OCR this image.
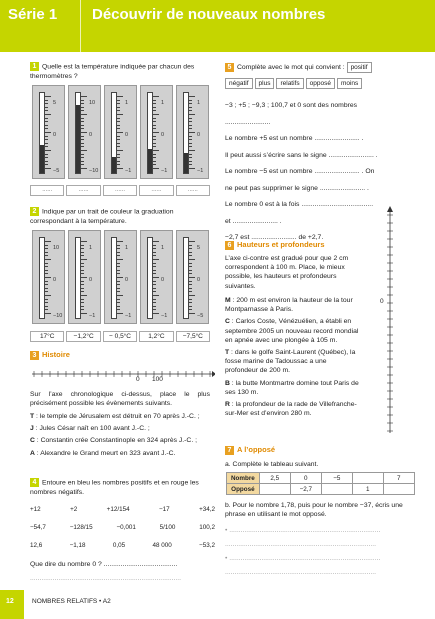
Série 1 Découvrir de nouveaux nombres
1 Quelle est la température indiquée par chacun des thermomètres ?
5
0
−5
10
0
−10
1
0
−1
1
0
−1
1
0
−1
......	......	......	......	......
2 Indique par un trait de couleur la graduation correspondant à la température.
10
0
−10
1
0
−1
1
0
−1
1
0
−1
5
0
−5
17°C	−1,2°C	− 0,5°C	1,2°C	−7,5°C
3 Histoire
0 100
Sur l’axe chronologique ci-dessus, place le plus précisément possible les évènements suivants.
T : le temple de Jérusalem est détruit en 70 après J.-C. ;
J : Jules César naît en 100 avant J.-C. ;
C : Constantin crée Constantinople en 324 après J.-C. ;
A : Alexandre le Grand meurt en 323 avant J.-C.
4 Entoure en bleu les nombres positifs et en rouge les nombres négatifs.
+12	+2	+12/154	−17	+34,2
−54,7	−128/15	−0,001	5/100	100,2
12,6	−1,18	0,05	48 000	−53,2
Que dire du nombre 0 ? .......................................
................................................................................
5 Complète avec le mot qui convient : positif
négatif plus relatifs opposé moins
−3 ; +5 ; −9,3 ; 100,7 et 0 sont des nombres
........................
Le nombre +5 est un nombre ........................ .
Il peut aussi s’écrire sans le signe ........................ .
Le nombre −5 est un nombre ........................ . On
ne peut pas supprimer le signe ........................ .
Le nombre 0 est à la fois ......................................
et ........................ .
−2,7 est ........................ de +2,7.
6 Hauteurs et profondeurs
L’axe ci-contre est gradué pour que 2 cm correspondent à 100 m. Place, le mieux possible, les hauteurs et profondeurs suivantes.
M : 200 m est environ la hauteur de la tour Montparnasse à Paris.
C : Carlos Coste, Vénézuélien, a établi en septembre 2005 un nouveau record mondial en apnée avec une plongée à 105 m.
T : dans le golfe Saint-Laurent (Québec), la fosse marine de Tadoussac a une profondeur de 200 m.
B : la butte Montmartre domine tout Paris de ses 130 m.
R : la profondeur de la rade de Villefranche-sur-Mer est d’environ 280 m.
0
7 A l’opposé
a. Complète le tableau suivant.
Nombre	2,5	0	−5		7
Opposé		−2,7		1	
b. Pour le nombre 1,78, puis pour le nombre −37, écris une phrase en utilisant le mot opposé.
• ................................................................................
................................................................................
• ................................................................................
................................................................................
12	NOMBRES RELATIFS • A2
